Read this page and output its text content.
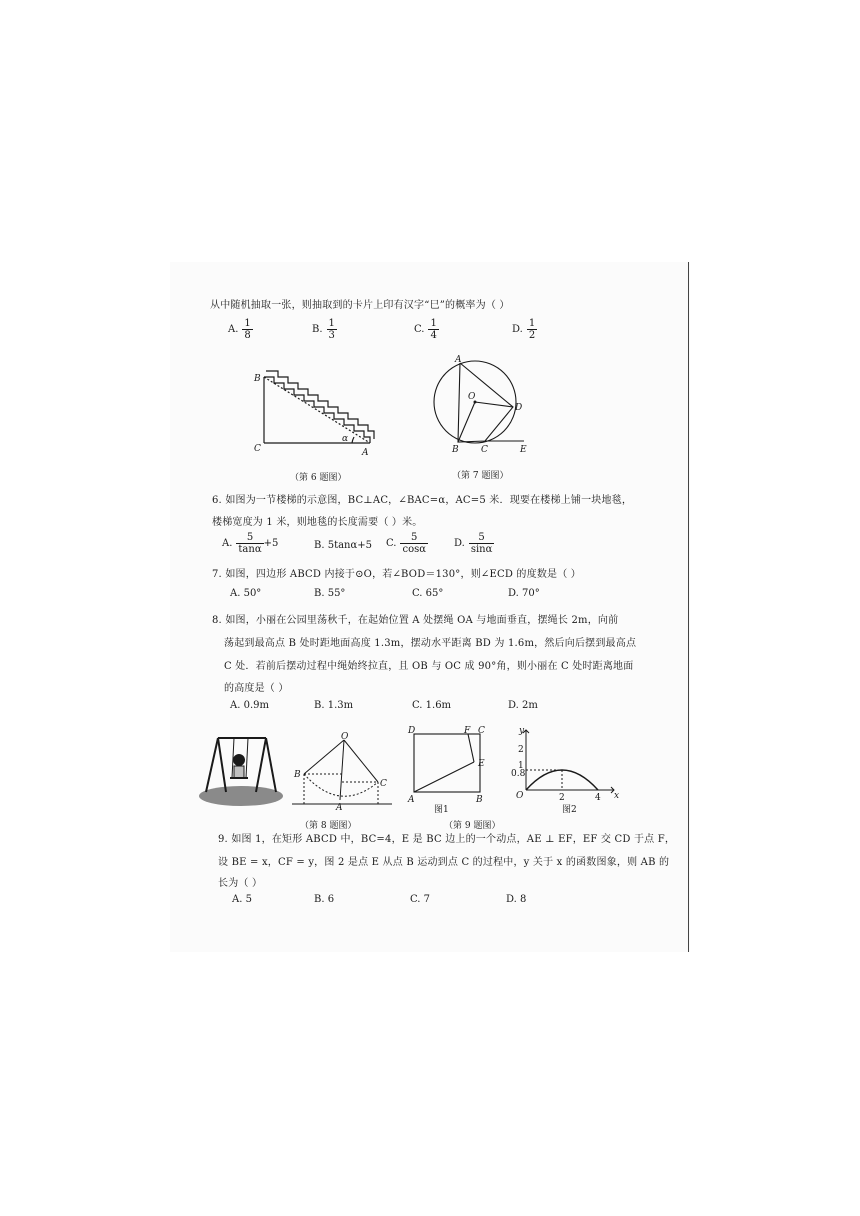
从中随机抽取一张，则抽取到的卡片上印有汉字“巳”的概率为（ ）
A. $\frac{1}{8}$	B. $\frac{1}{3}$	C. $\frac{1}{4}$	D. $\frac{1}{2}$
B
C	A
α
（第 6 题图）
A
O
D
B C	E
（第 7 题图）
6. 如图为一节楼梯的示意图，BC⊥AC，∠BAC=α，AC=5 米．现要在楼梯上铺一块地毯，
楼梯宽度为 1 米，则地毯的长度需要（ ）米。
A. $\frac{5}{\tan\alpha} +5$	B. 5tanα+5 C. $\frac{5}{\cos\alpha}$	D. $\frac{5}{\sin\alpha}$
7. 如图，四边形 ABCD 内接于⊙O，若∠BOD＝130°，则∠ECD 的度数是（ ）
A. 50°	B. 55°	C. 65°	D. 70°
8. 如图，小丽在公园里荡秋千，在起始位置 A 处摆绳 OA 与地面垂直，摆绳长 2m，向前
荡起到最高点 B 处时距地面高度 1.3m，摆动水平距离 BD 为 1.6m，然后向后摆到最高点
C 处．若前后摆动过程中绳始终拉直，且 OB 与 OC 成 90°角，则小丽在 C 处时距离地面
的高度是（ ）
A. 0.9m	B. 1.3m	C. 1.6m	D. 2m
O
B
C
A
D	F C
A	B
E
图1
y
x
O
2
1
0.8
2	4
图2
（第 8 题图）	（第 9 题图）
9. 如图 1，在矩形 ABCD 中，BC=4，E 是 BC 边上的一个动点，AE ⊥ EF，EF 交 CD 于点 F，
设 BE = x，CF = y，图 2 是点 E 从点 B 运动到点 C 的过程中，y 关于 x 的函数图象，则 AB 的
长为（ ）
A. 5	B. 6	C. 7	D. 8
